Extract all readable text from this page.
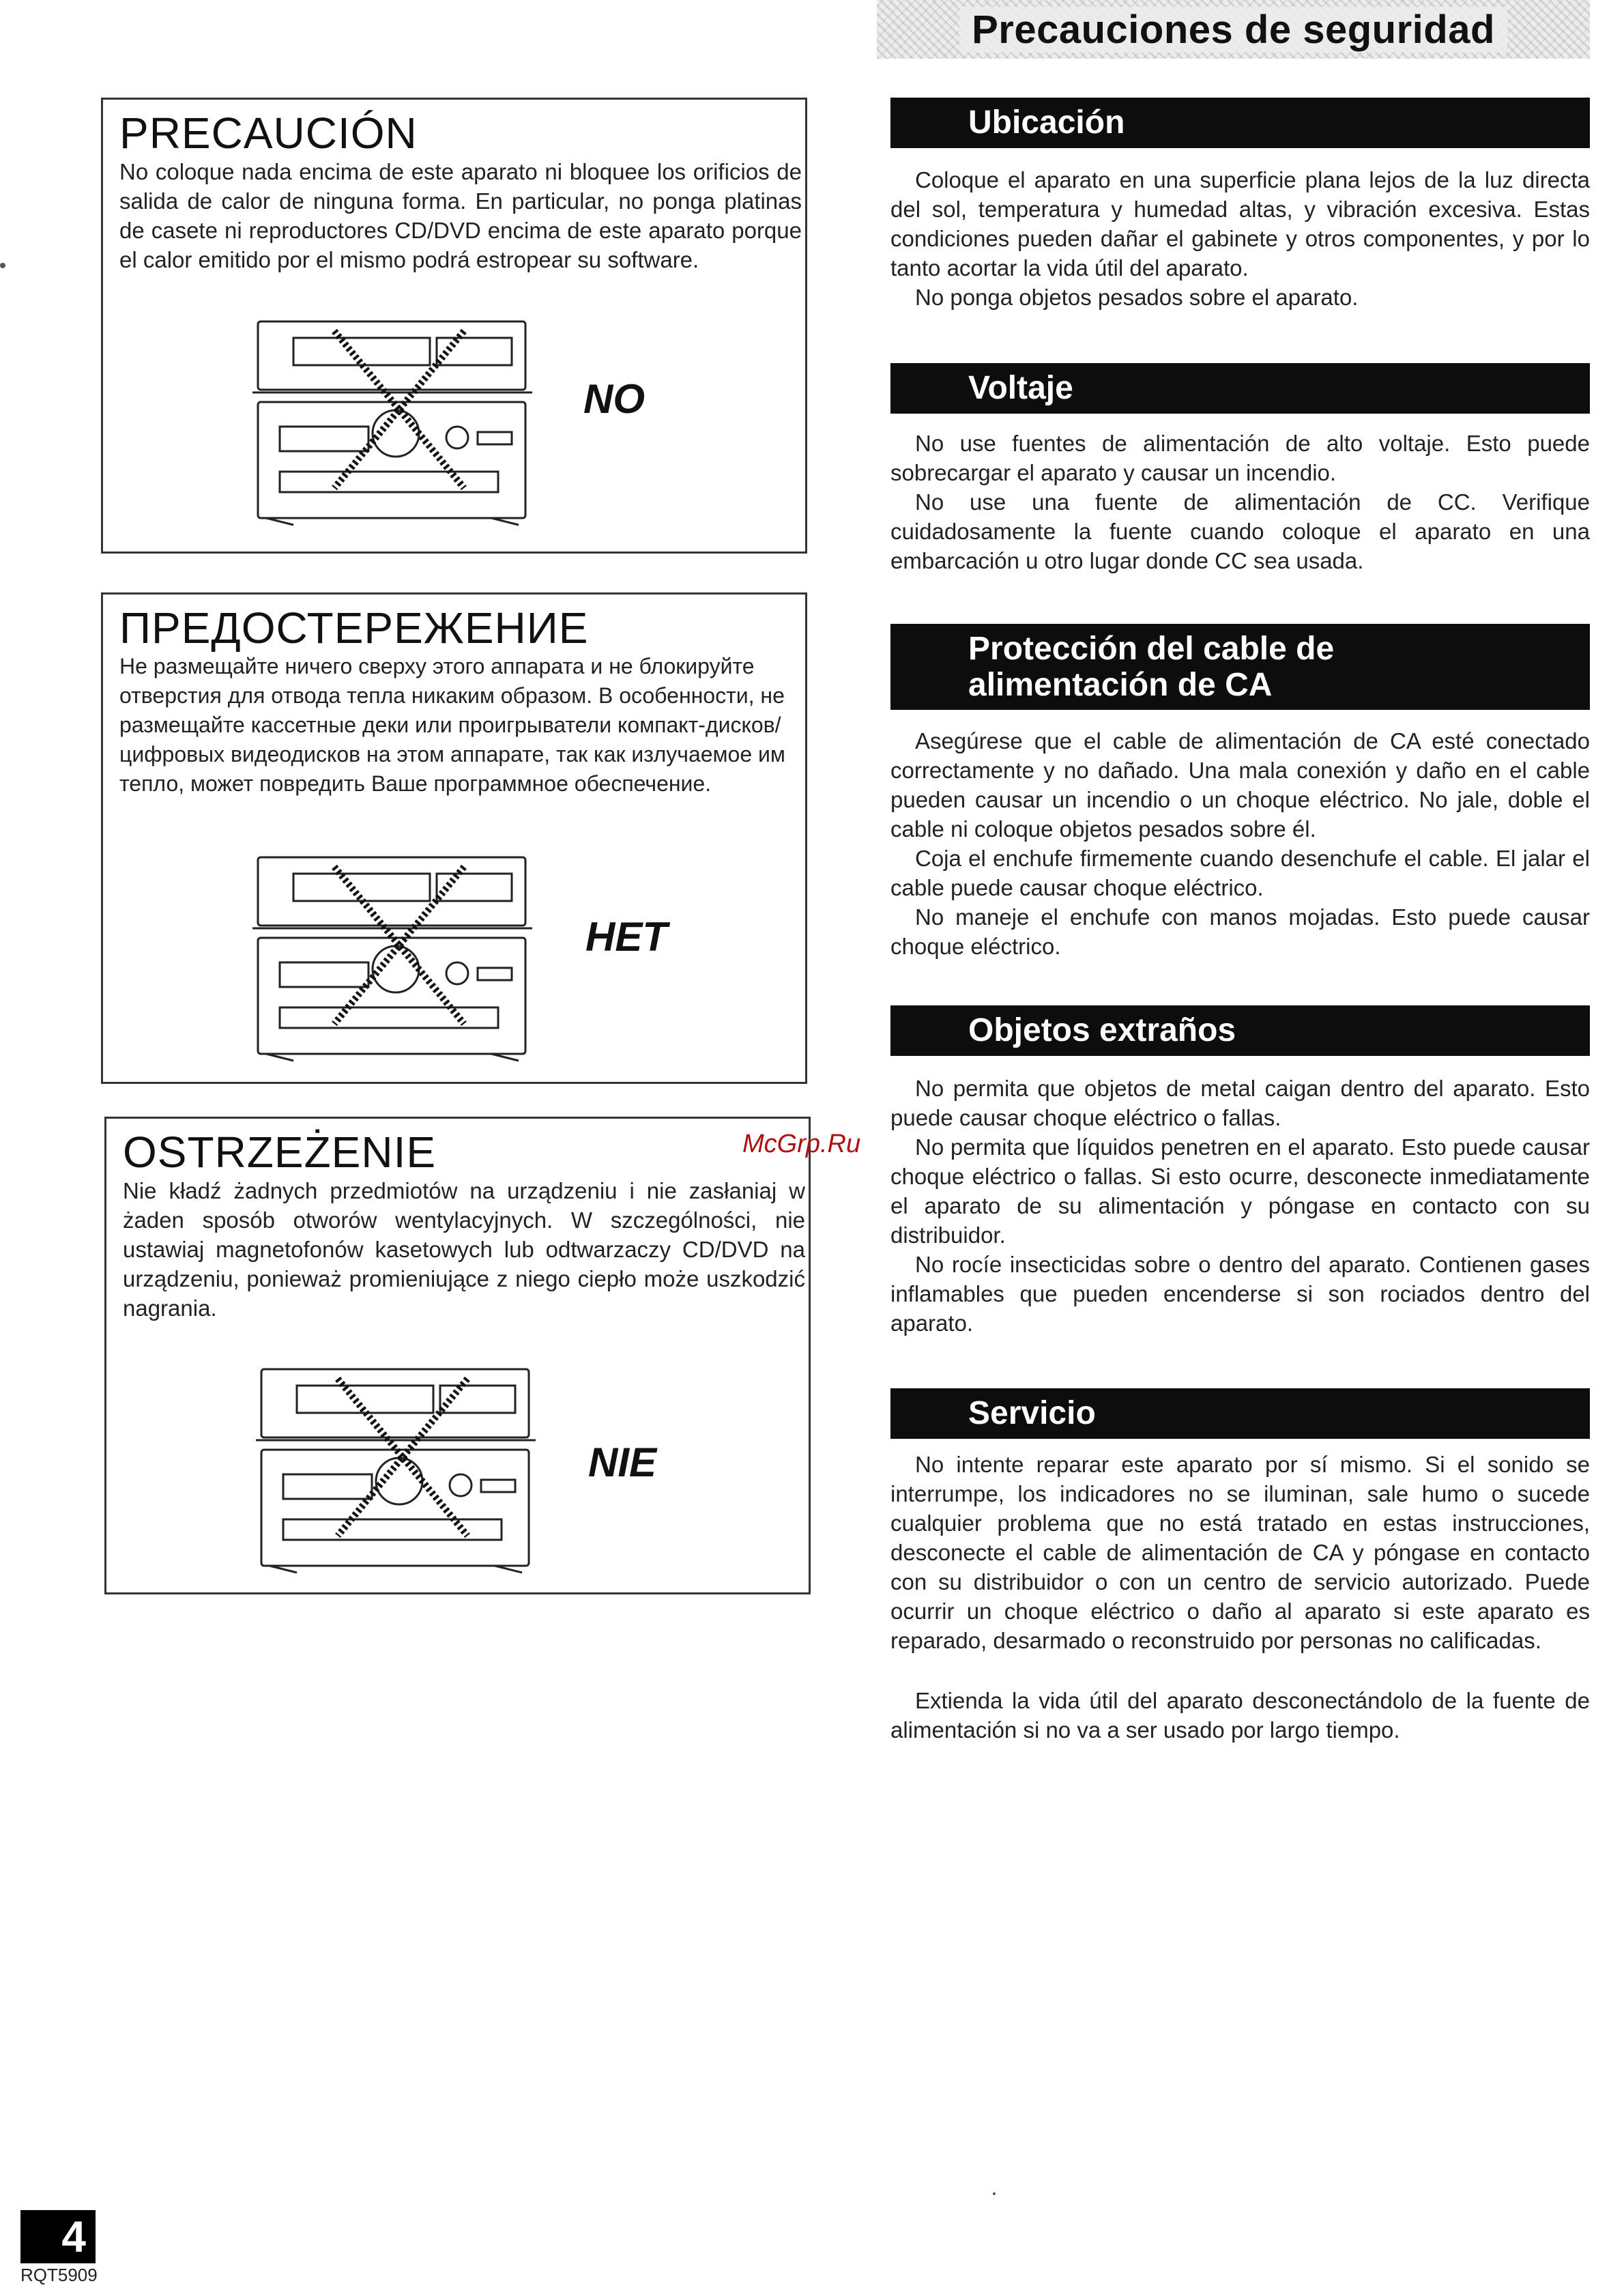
Precauciones de seguridad
PRECAUCIÓN

No coloque nada encima de este aparato ni bloquee los orificios de salida de calor de ninguna forma. En particular, no ponga platinas de casete ni reproductores CD/DVD encima de este aparato porque el calor emitido por el mismo podrá estropear su software.

NO
ПРЕДОСТЕРЕЖЕНИЕ

Не размещайте ничего сверху этого аппарата и не блокируйте отверстия для отвода тепла никаким образом. В особенности, не размещайте кассетные деки или проигрыватели компакт-дисков/цифровых видеодисков на этом аппарате, так как излучаемое им тепло, может повредить Ваше программное обеспечение.

НЕТ
OSTRZEŻENIE

Nie kładź żadnych przedmiotów na urządzeniu i nie zasłaniaj w żaden sposób otworów wentylacyjnych. W szczególności, nie ustawiaj magnetofonów kasetowych lub odtwarzaczy CD/DVD na urządzeniu, ponieważ promieniujące z niego ciepło może uszkodzić nagrania.

NIE
Ubicación

Coloque el aparato en una superficie plana lejos de la luz directa del sol, temperatura y humedad altas, y vibración excesiva. Estas condiciones pueden dañar el gabinete y otros componentes, y por lo tanto acortar la vida útil del aparato.

No ponga objetos pesados sobre el aparato.

Voltaje

No use fuentes de alimentación de alto voltaje. Esto puede sobrecargar el aparato y causar un incendio.

No use una fuente de alimentación de CC. Verifique cuidadosamente la fuente cuando coloque el aparato en una embarcación u otro lugar donde CC sea usada.

Protección del cable de
alimentación de CA

Asegúrese que el cable de alimentación de CA esté conectado correctamente y no dañado. Una mala conexión y daño en el cable pueden causar un incendio o un choque eléctrico. No jale, doble el cable ni coloque objetos pesados sobre él.

Coja el enchufe firmemente cuando desenchufe el cable. El jalar el cable puede causar choque eléctrico.

No maneje el enchufe con manos mojadas. Esto puede causar choque eléctrico.

Objetos extraños

No permita que objetos de metal caigan dentro del aparato. Esto puede causar choque eléctrico o fallas.

No permita que líquidos penetren en el aparato. Esto puede causar choque eléctrico o fallas. Si esto ocurre, desconecte inmediatamente el aparato de su alimentación y póngase en contacto con su distribuidor.

No rocíe insecticidas sobre o dentro del aparato. Contienen gases inflamables que pueden encenderse si son rociados dentro del aparato.

Servicio

No intente reparar este aparato por sí mismo. Si el sonido se interrumpe, los indicadores no se iluminan, sale humo o sucede cualquier problema que no está tratado en estas instrucciones, desconecte el cable de alimentación de CA y póngase en contacto con su distribuidor o con un centro de servicio autorizado. Puede ocurrir un choque eléctrico o daño al aparato si este aparato es reparado, desarmado o reconstruido por personas no calificadas.

Extienda la vida útil del aparato desconectándolo de la fuente de alimentación si no va a ser usado por largo tiempo.

McGrp.Ru
4
RQT5909
